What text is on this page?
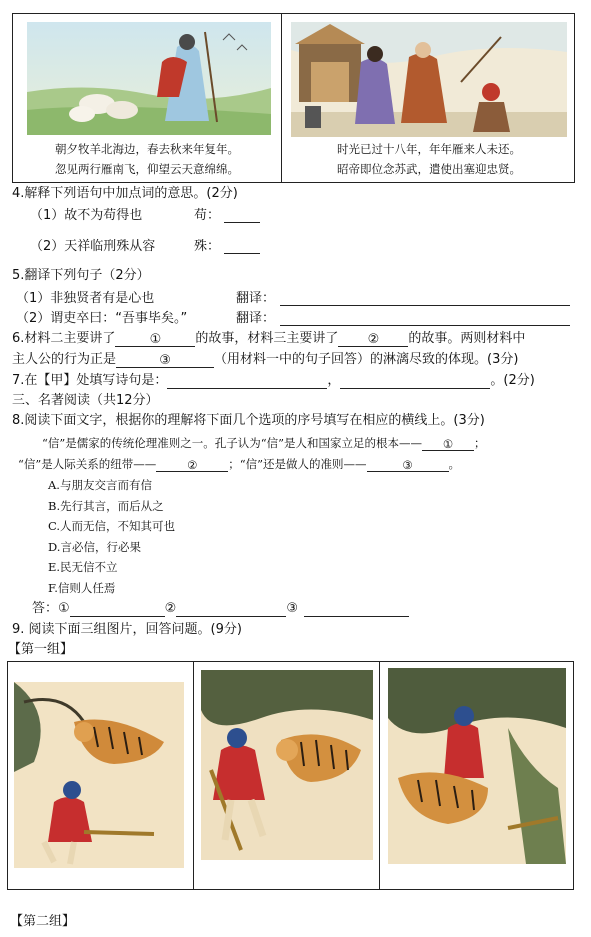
朝夕牧羊北海边，春去秋来年复年。
忽见两行雁南飞，仰望云天意绵绵。
时光已过十八年，年年雁来人未还。
昭帝即位念苏武，遣使出塞迎忠贤。
4.解释下列语句中加点词的意思。(2分)
（1）故不为苟得也	苟：
（2）天祥临刑殊从容	殊：
5.翻译下列句子（2分）
（1）非独贤者有是心也	翻译：
（2）谓吏卒曰：“吾事毕矣。”	翻译：
6.材料二主要讲了	①	的故事，材料三主要讲了 ② 的故事。两则材料中
主人公的行为正是	③	（用材料一中的句子回答）的淋漓尽致的体现。(3分)
7.在【甲】处填写诗句是：	，	。(2分)
三、名著阅读（共12分）
8.阅读下面文字，根据你的理解将下面几个选项的序号填写在相应的横线上。(3分)
“信”是儒家的传统伦理准则之一。孔子认为“信”是人和国家立足的根本—— ① ；
“信”是人际关系的纽带——	②	；“信”还是做人的准则——	③	。
A.与朋友交言而有信
B.先行其言，而后从之
C.人而无信，不知其可也
D.言必信，行必果
E.民无信不立
F.信则人任焉
答：①	②	③
9. 阅读下面三组图片，回答问题。(9分)
【第一组】
【第二组】
